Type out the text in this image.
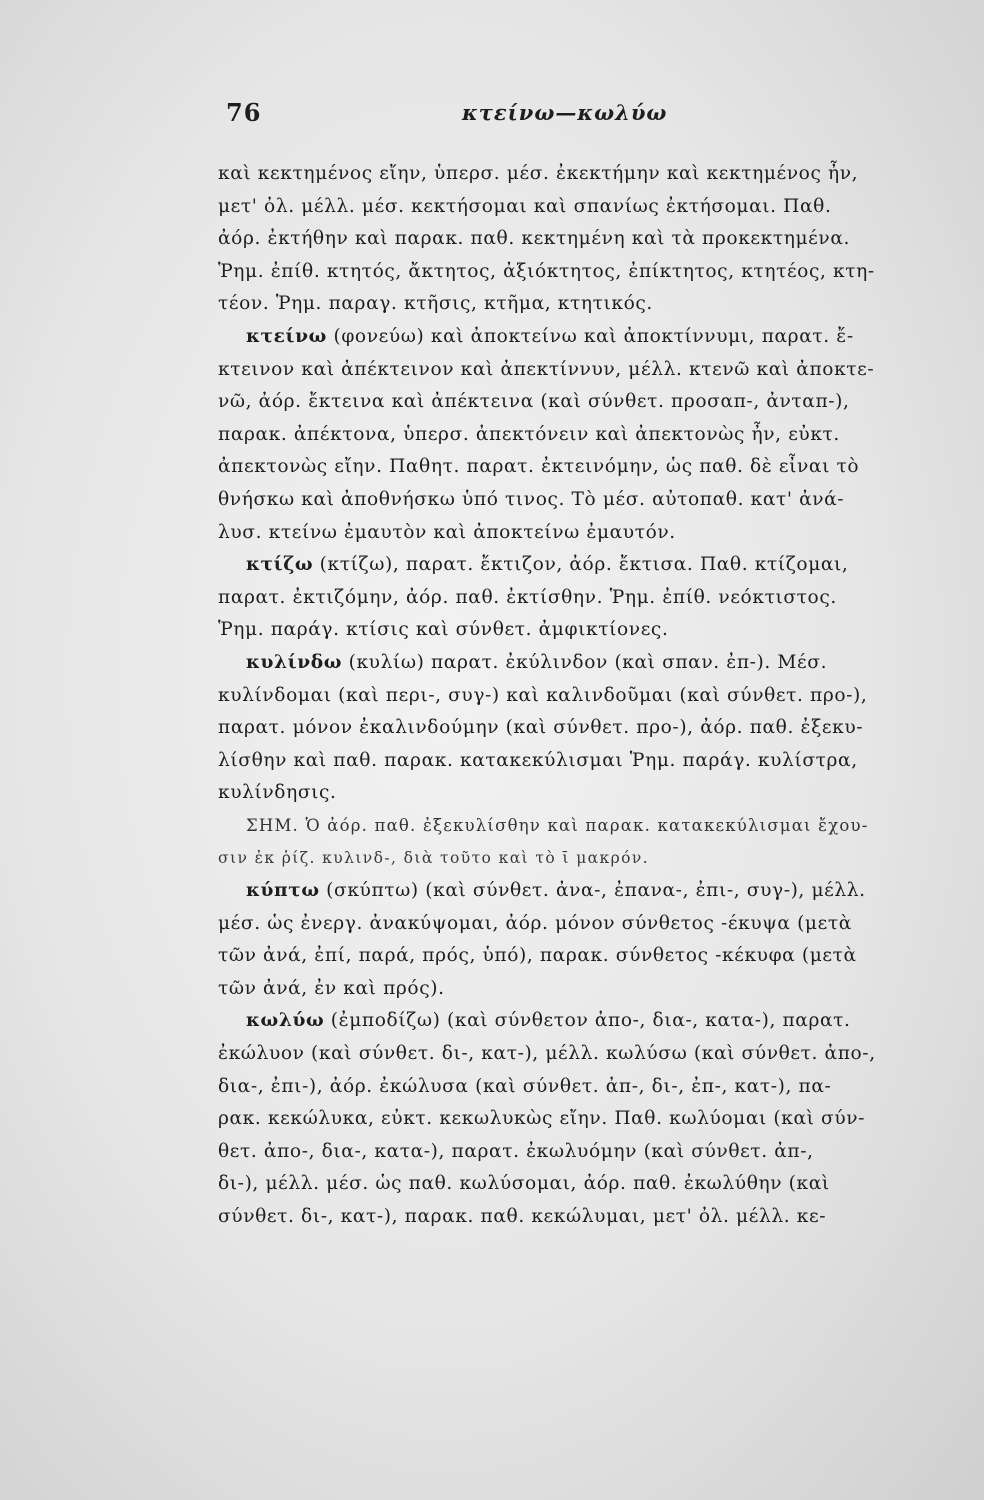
76	κτείνω—κωλύω
καὶ κεκτημένος εἴην, ὑπερσ. μέσ. ἐκεκτήμην καὶ κεκτημένος ἦν,
μετ' ὀλ. μέλλ. μέσ. κεκτήσομαι καὶ σπανίως ἐκτήσομαι. Παθ.
ἀόρ. ἐκτήθην καὶ παρακ. παθ. κεκτημένη καὶ τὰ προκεκτημένα.
Ῥημ. ἐπίθ. κτητός, ἄκτητος, ἀξιόκτητος, ἐπίκτητος, κτητέος, κτη-
τέον. Ῥημ. παραγ. κτῆσις, κτῆμα, κτητικός.
κτείνω (φονεύω) καὶ ἀποκτείνω καὶ ἀποκτίννυμι, παρατ. ἔ-
κτεινον καὶ ἀπέκτεινον καὶ ἀπεκτίννυν, μέλλ. κτενῶ καὶ ἀποκτε-
νῶ, ἀόρ. ἔκτεινα καὶ ἀπέκτεινα (καὶ σύνθετ. προσαπ-, ἀνταπ-),
παρακ. ἀπέκτονα, ὑπερσ. ἀπεκτόνειν καὶ ἀπεκτονὼς ἦν, εὐκτ.
ἀπεκτονὼς εἴην. Παθητ. παρατ. ἐκτεινόμην, ὡς παθ. δὲ εἶναι τὸ
θνήσκω καὶ ἀποθνήσκω ὑπό τινος. Τὸ μέσ. αὐτοπαθ. κατ' ἀνά-
λυσ. κτείνω ἐμαυτὸν καὶ ἀποκτείνω ἐμαυτόν.
κτίζω (κτίζω), παρατ. ἔκτιζον, ἀόρ. ἔκτισα. Παθ. κτίζομαι,
παρατ. ἐκτιζόμην, ἀόρ. παθ. ἐκτίσθην. Ῥημ. ἐπίθ. νεόκτιστος.
Ῥημ. παράγ. κτίσις καὶ σύνθετ. ἀμφικτίονες.
κυλίνδω (κυλίω) παρατ. ἐκύλινδον (καὶ σπαν. ἐπ-). Μέσ.
κυλίνδομαι (καὶ περι-, συγ-) καὶ καλινδοῦμαι (καὶ σύνθετ. προ-),
παρατ. μόνον ἐκαλινδούμην (καὶ σύνθετ. προ-), ἀόρ. παθ. ἐξεκυ-
λίσθην καὶ παθ. παρακ. κατακεκύλισμαι Ῥημ. παράγ. κυλίστρα,
κυλίνδησις.
ΣΗΜ. Ὁ ἀόρ. παθ. ἐξεκυλίσθην καὶ παρακ. κατακεκύλισμαι ἔχου-
σιν ἐκ ῥίζ. κυλινδ-, διὰ τοῦτο καὶ τὸ ῑ μακρόν.
κύπτω (σκύπτω) (καὶ σύνθετ. ἀνα-, ἐπανα-, ἐπι-, συγ-), μέλλ.
μέσ. ὡς ἐνεργ. ἀνακύψομαι, ἀόρ. μόνον σύνθετος -έκυψα (μετὰ
τῶν ἀνά, ἐπί, παρά, πρός, ὑπό), παρακ. σύνθετος -κέκυφα (μετὰ
τῶν ἀνά, ἐν καὶ πρός).
κωλύω (ἐμποδίζω) (καὶ σύνθετον ἀπο-, δια-, κατα-), παρατ.
ἐκώλυον (καὶ σύνθετ. δι-, κατ-), μέλλ. κωλύσω (καὶ σύνθετ. ἀπο-,
δια-, ἐπι-), ἀόρ. ἐκώλυσα (καὶ σύνθετ. ἀπ-, δι-, ἐπ-, κατ-), πα-
ρακ. κεκώλυκα, εὐκτ. κεκωλυκὼς εἴην. Παθ. κωλύομαι (καὶ σύν-
θετ. ἀπο-, δια-, κατα-), παρατ. ἐκωλυόμην (καὶ σύνθετ. ἀπ-,
δι-), μέλλ. μέσ. ὡς παθ. κωλύσομαι, ἀόρ. παθ. ἐκωλύθην (καὶ
σύνθετ. δι-, κατ-), παρακ. παθ. κεκώλυμαι, μετ' ὀλ. μέλλ. κε-
